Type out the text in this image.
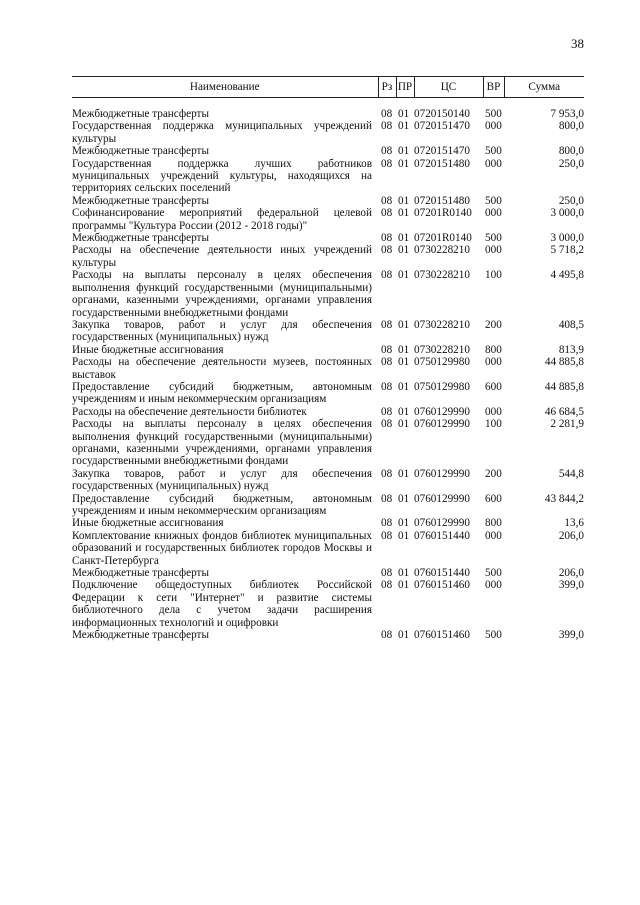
38
Наименование	Рз	ПР	ЦС	ВР	Сумма

Межбюджетные трансферты	08	01	0720150140	500	7 953,0
Государственная поддержка муниципальных учреждений культуры	08	01	0720151470	000	800,0
Межбюджетные трансферты	08	01	0720151470	500	800,0
Государственная поддержка лучших работников муниципальных учреждений культуры, находящихся на территориях сельских поселений	08	01	0720151480	000	250,0
Межбюджетные трансферты	08	01	0720151480	500	250,0
Софинансирование мероприятий федеральной целевой программы "Культура России (2012 - 2018 годы)"	08	01	07201R0140	000	3 000,0
Межбюджетные трансферты	08	01	07201R0140	500	3 000,0
Расходы на обеспечение деятельности иных учреждений культуры	08	01	0730228210	000	5 718,2
Расходы на выплаты персоналу в целях обеспечения выполнения функций государственными (муниципальными) органами, казенными учреждениями, органами управления государственными внебюджетными фондами	08	01	0730228210	100	4 495,8
Закупка товаров, работ и услуг для обеспечения государственных (муниципальных) нужд	08	01	0730228210	200	408,5
Иные бюджетные ассигнования	08	01	0730228210	800	813,9
Расходы на обеспечение деятельности музеев, постоянных выставок	08	01	0750129980	000	44 885,8
Предоставление субсидий бюджетным, автономным учреждениям и иным некоммерческим организациям	08	01	0750129980	600	44 885,8
Расходы на обеспечение деятельности библиотек	08	01	0760129990	000	46 684,5
Расходы на выплаты персоналу в целях обеспечения выполнения функций государственными (муниципальными) органами, казенными учреждениями, органами управления государственными внебюджетными фондами	08	01	0760129990	100	2 281,9
Закупка товаров, работ и услуг для обеспечения государственных (муниципальных) нужд	08	01	0760129990	200	544,8
Предоставление субсидий бюджетным, автономным учреждениям и иным некоммерческим организациям	08	01	0760129990	600	43 844,2
Иные бюджетные ассигнования	08	01	0760129990	800	13,6
Комплектование книжных фондов библиотек муниципальных образований и государственных библиотек городов Москвы и Санкт-Петербурга	08	01	0760151440	000	206,0
Межбюджетные трансферты	08	01	0760151440	500	206,0
Подключение общедоступных библиотек Российской Федерации к сети "Интернет" и развитие системы библиотечного дела с учетом задачи расширения информационных технологий и оцифровки	08	01	0760151460	000	399,0
Межбюджетные трансферты	08	01	0760151460	500	399,0
